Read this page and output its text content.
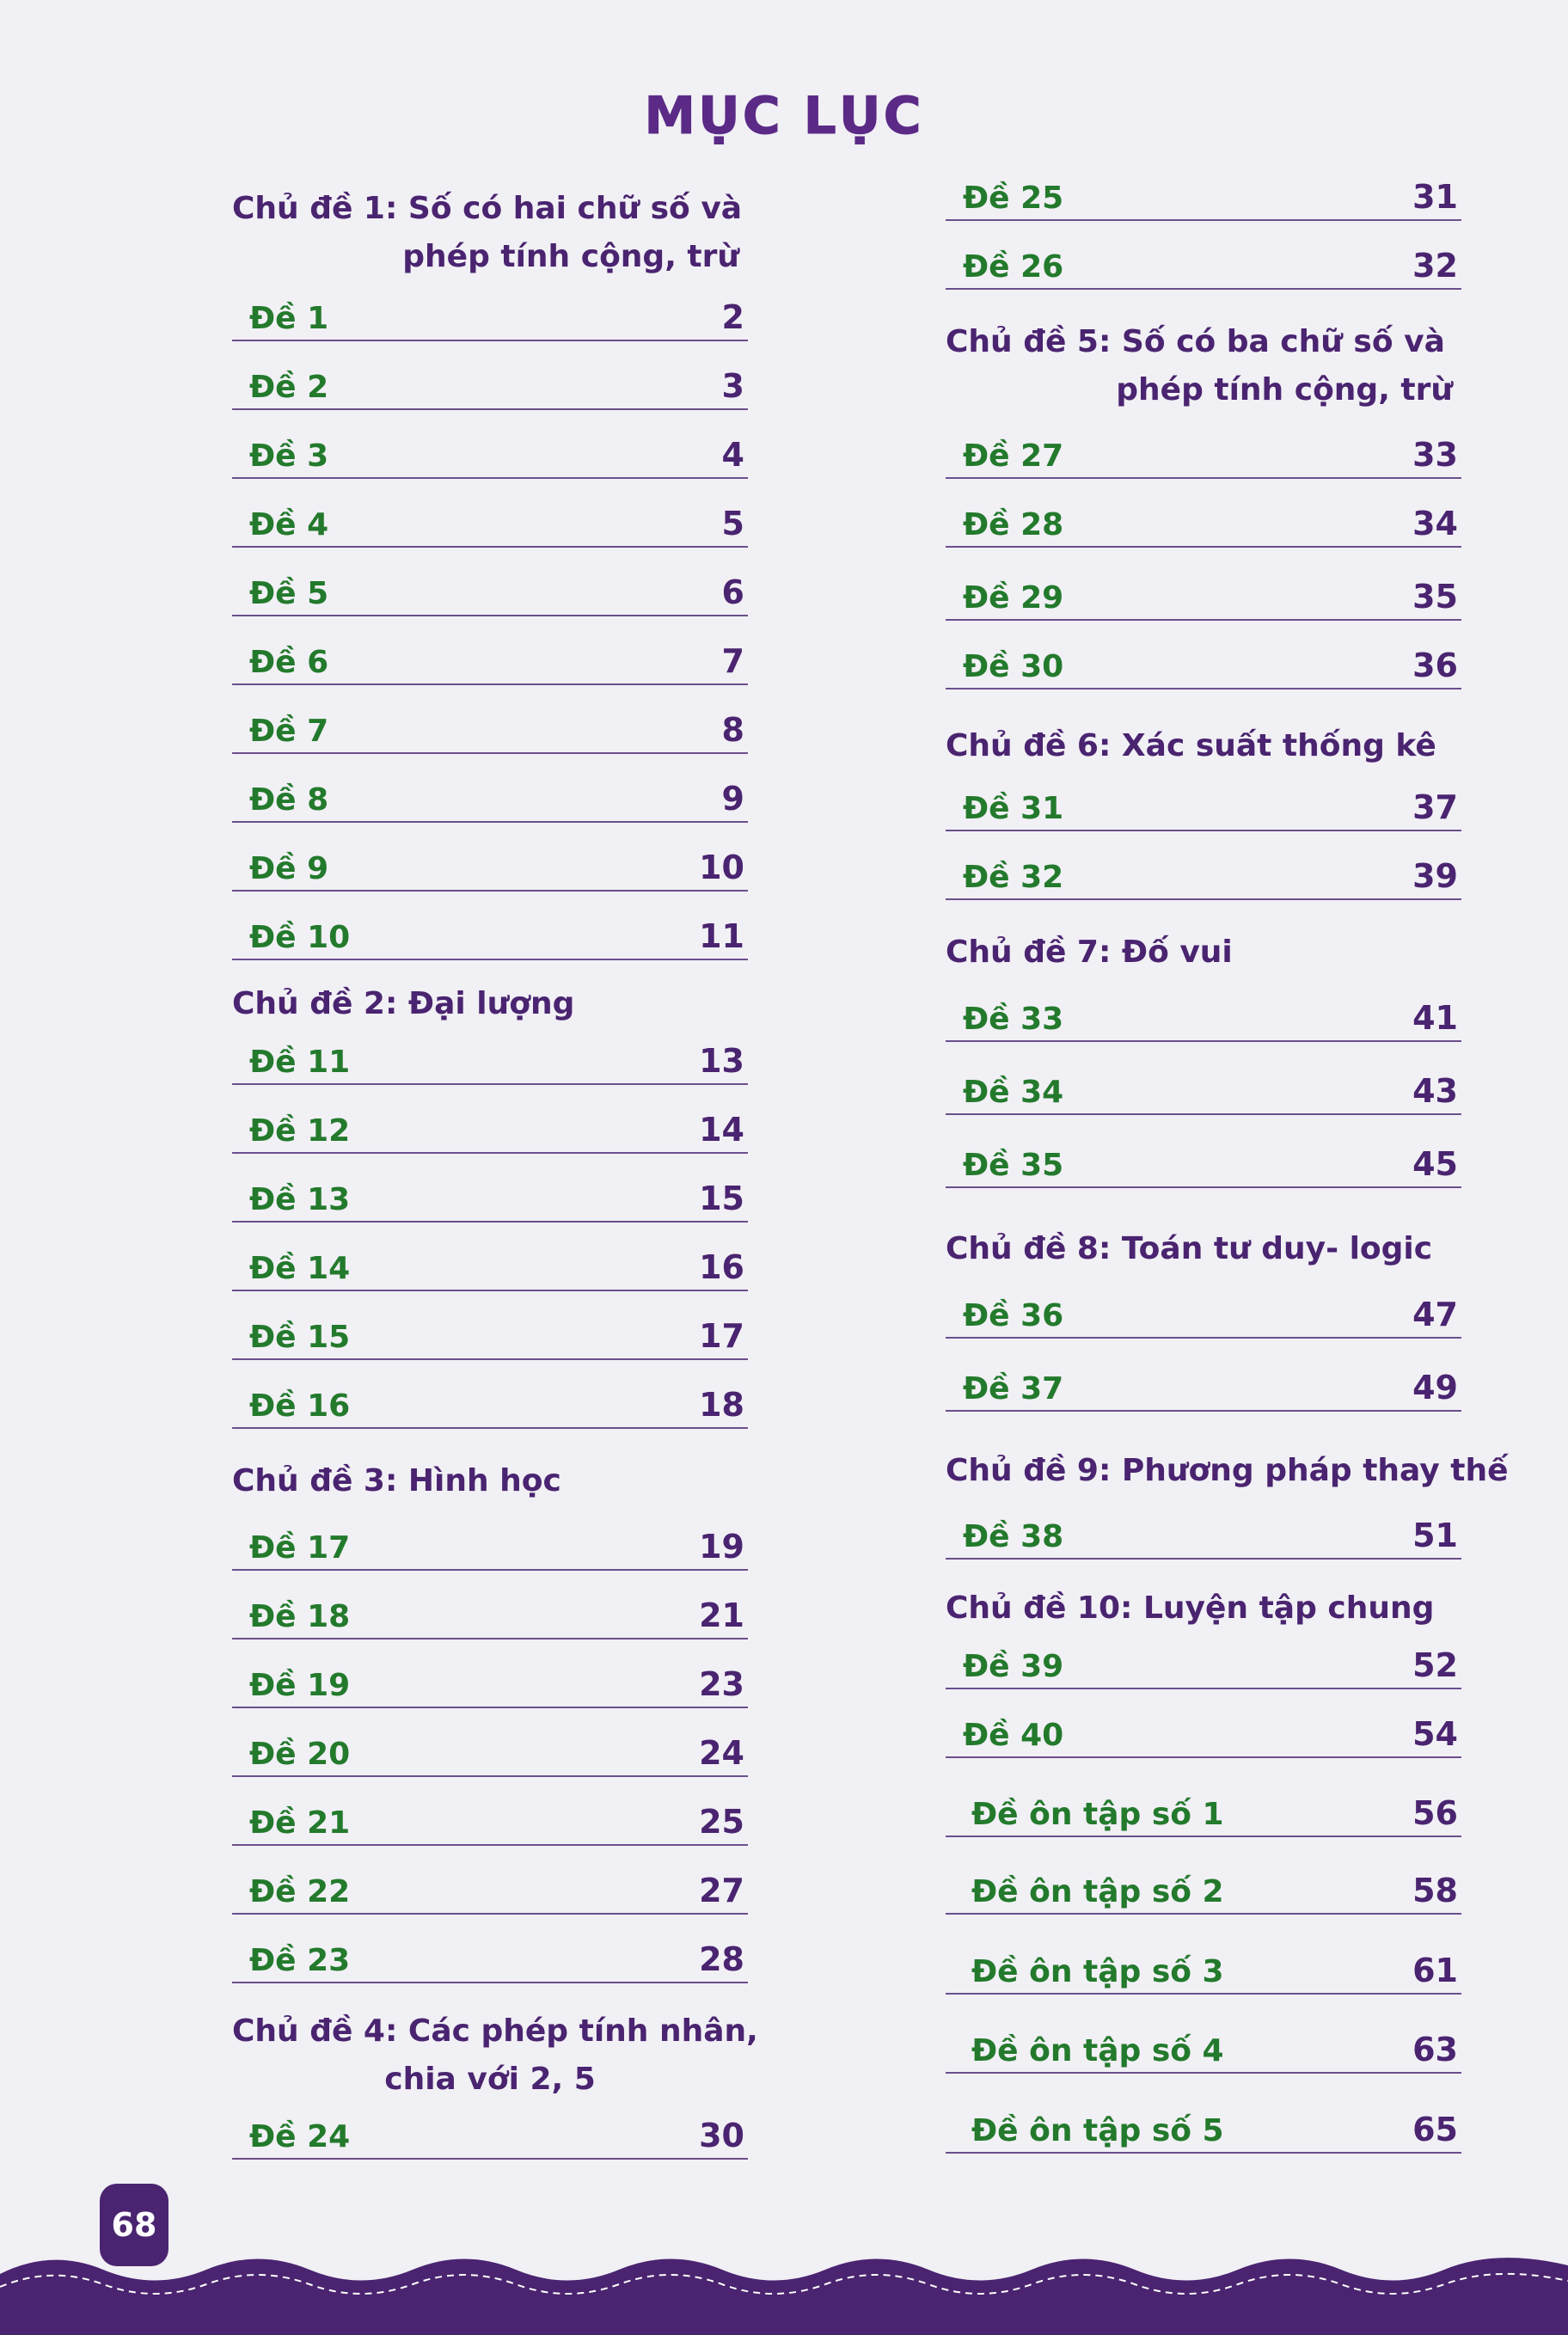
MỤC LỤC
Chủ đề 1: Số có hai chữ số và
phép tính cộng, trừ
Đề 1	2
Đề 2	3
Đề 3	4
Đề 4	5
Đề 5	6
Đề 6	7
Đề 7	8
Đề 8	9
Đề 9	10
Đề 10	11
Chủ đề 2: Đại lượng
Đề 11	13
Đề 12	14
Đề 13	15
Đề 14	16
Đề 15	17
Đề 16	18
Chủ đề 3: Hình học
Đề 17	19
Đề 18	21
Đề 19	23
Đề 20	24
Đề 21	25
Đề 22	27
Đề 23	28
Chủ đề 4: Các phép tính nhân,
chia với 2, 5
Đề 24	30
Đề 25	31
Đề 26	32
Chủ đề 5: Số có ba chữ số và
phép tính cộng, trừ
Đề 27	33
Đề 28	34
Đề 29	35
Đề 30	36
Chủ đề 6: Xác suất thống kê
Đề 31	37
Đề 32	39
Chủ đề 7: Đố vui
Đề 33	41
Đề 34	43
Đề 35	45
Chủ đề 8: Toán tư duy- logic
Đề 36	47
Đề 37	49
Chủ đề 9: Phương pháp thay thế
Đề 38	51
Chủ đề 10: Luyện tập chung
Đề 39	52
Đề 40	54
Đề ôn tập số 1	56
Đề ôn tập số 2	58
Đề ôn tập số 3	61
Đề ôn tập số 4	63
Đề ôn tập số 5	65
68
